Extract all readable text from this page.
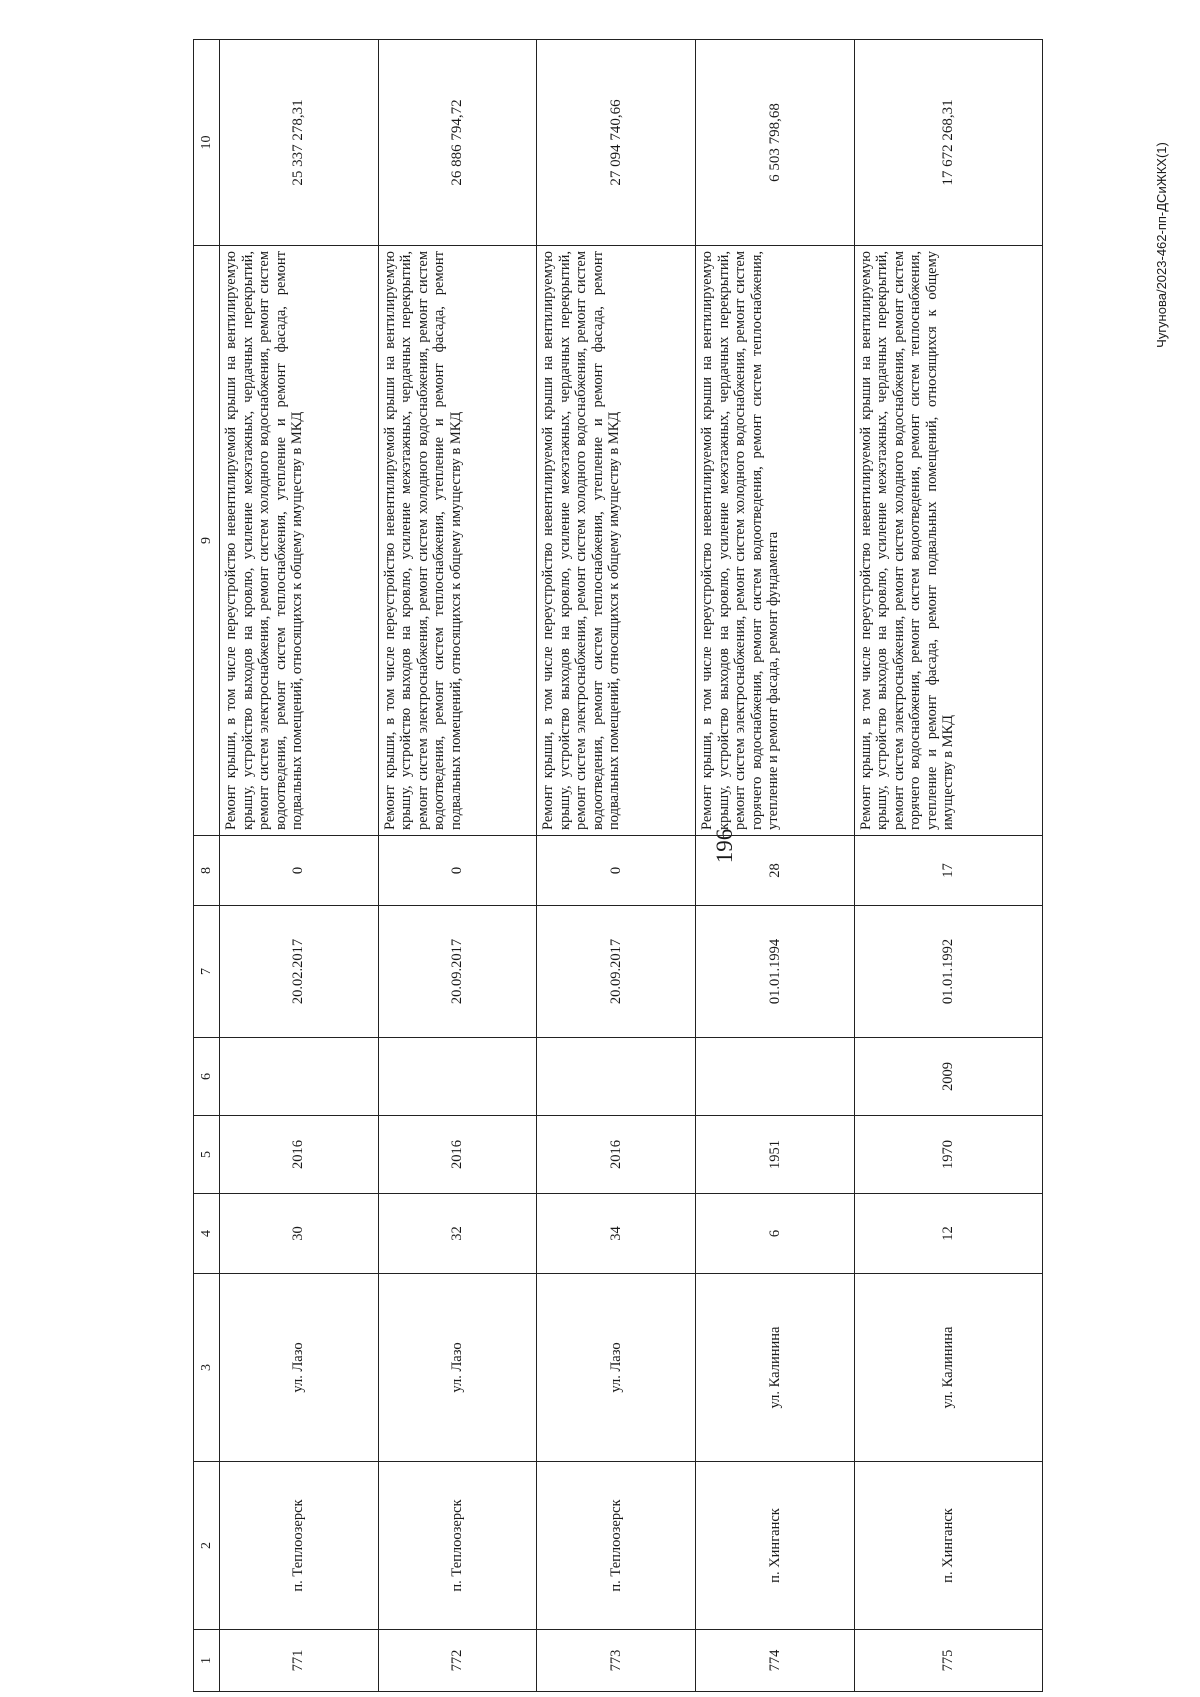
196
Чугунова/2023-462-пп-ДСиЖКХ(1)
1	2	3	4	5	6	7	8	9	10
771	п. Теплоозерск	ул. Лазо	30	2016		20.02.2017	0	Ремонт крыши, в том числе переустройство невентилируемой крыши на вентилируемую крышу, устройство выходов на кровлю, усиление межэтажных, чердачных перекрытий, ремонт систем электроснабжения, ремонт систем холодного водоснабжения, ремонт систем водоотведения, ремонт систем теплоснабжения, утепление и ремонт фасада, ремонт подвальных помещений, относящихся к общему имуществу в МКД	25 337 278,31
772	п. Теплоозерск	ул. Лазо	32	2016		20.09.2017	0	Ремонт крыши, в том числе переустройство невентилируемой крыши на вентилируемую крышу, устройство выходов на кровлю, усиление межэтажных, чердачных перекрытий, ремонт систем электроснабжения, ремонт систем холодного водоснабжения, ремонт систем водоотведения, ремонт систем теплоснабжения, утепление и ремонт фасада, ремонт подвальных помещений, относящихся к общему имуществу в МКД	26 886 794,72
773	п. Теплоозерск	ул. Лазо	34	2016		20.09.2017	0	Ремонт крыши, в том числе переустройство невентилируемой крыши на вентилируемую крышу, устройство выходов на кровлю, усиление межэтажных, чердачных перекрытий, ремонт систем электроснабжения, ремонт систем холодного водоснабжения, ремонт систем водоотведения, ремонт систем теплоснабжения, утепление и ремонт фасада, ремонт подвальных помещений, относящихся к общему имуществу в МКД	27 094 740,66
774	п. Хинганск	ул. Калинина	6	1951		01.01.1994	28	Ремонт крыши, в том числе переустройство невентилируемой крыши на вентилируемую крышу, устройство выходов на кровлю, усиление межэтажных, чердачных перекрытий, ремонт систем электроснабжения, ремонт систем холодного водоснабжения, ремонт систем горячего водоснабжения, ремонт систем водоотведения, ремонт систем теплоснабжения, утепление и ремонт фасада, ремонт фундамента	6 503 798,68
775	п. Хинганск	ул. Калинина	12	1970	2009	01.01.1992	17	Ремонт крыши, в том числе переустройство невентилируемой крыши на вентилируемую крышу, устройство выходов на кровлю, усиление межэтажных, чердачных перекрытий, ремонт систем электроснабжения, ремонт систем холодного водоснабжения, ремонт систем горячего водоснабжения, ремонт систем водоотведения, ремонт систем теплоснабжения, утепление и ремонт фасада, ремонт подвальных помещений, относящихся к общему имуществу в МКД	17 672 268,31
